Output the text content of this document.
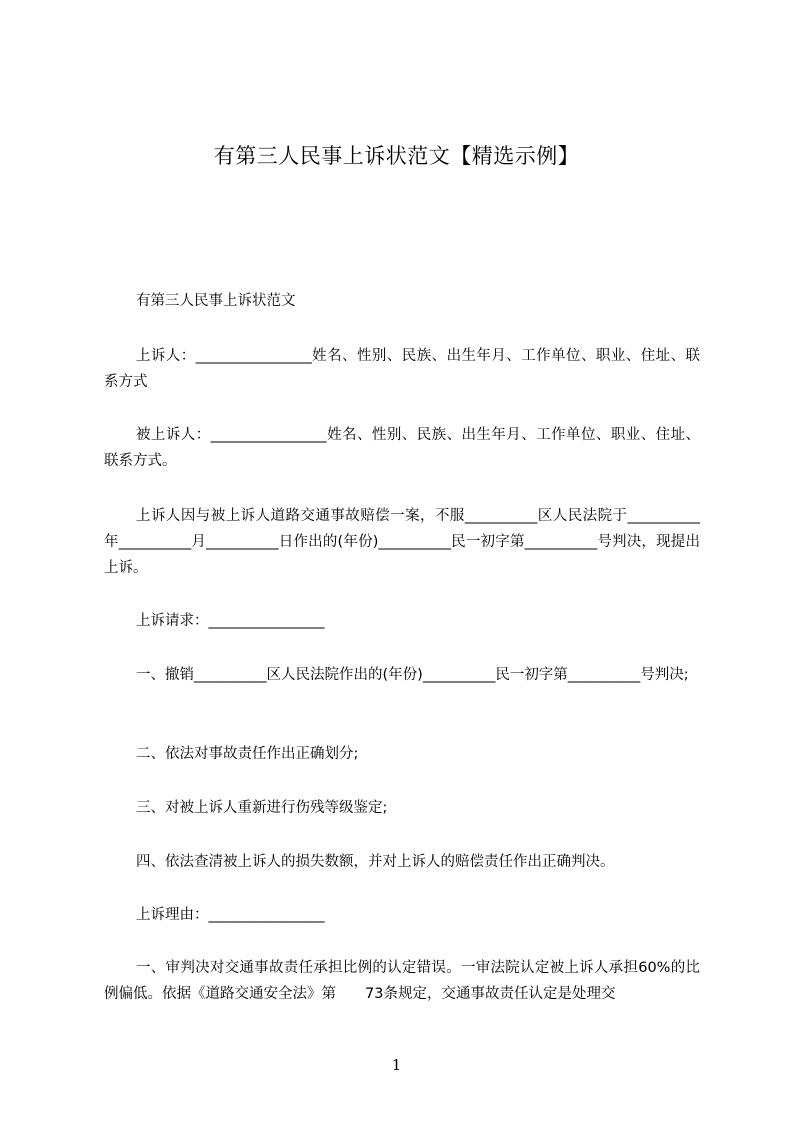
有第三人民事上诉状范文【精选示例】
有第三人民事上诉状范文
上诉人：________________姓名、性别、民族、出生年月、工作单位、职业、住址、联系方式
被上诉人：________________姓名、性别、民族、出生年月、工作单位、职业、住址、联系方式。
上诉人因与被上诉人道路交通事故赔偿一案，不服__________区人民法院于__________年__________月__________日作出的(年份)__________民一初字第__________号判决，现提出上诉。
上诉请求：________________
一、撤销__________区人民法院作出的(年份)__________民一初字第__________号判决;
二、依法对事故责任作出正确划分;
三、对被上诉人重新进行伤残等级鉴定;
四、依法查清被上诉人的损失数额，并对上诉人的赔偿责任作出正确判决。
上诉理由：________________
一、审判决对交通事故责任承担比例的认定错误。一审法院认定被上诉人承担60%的比例偏低。依据《道路交通安全法》第　　73条规定，交通事故责任认定是处理交
1
